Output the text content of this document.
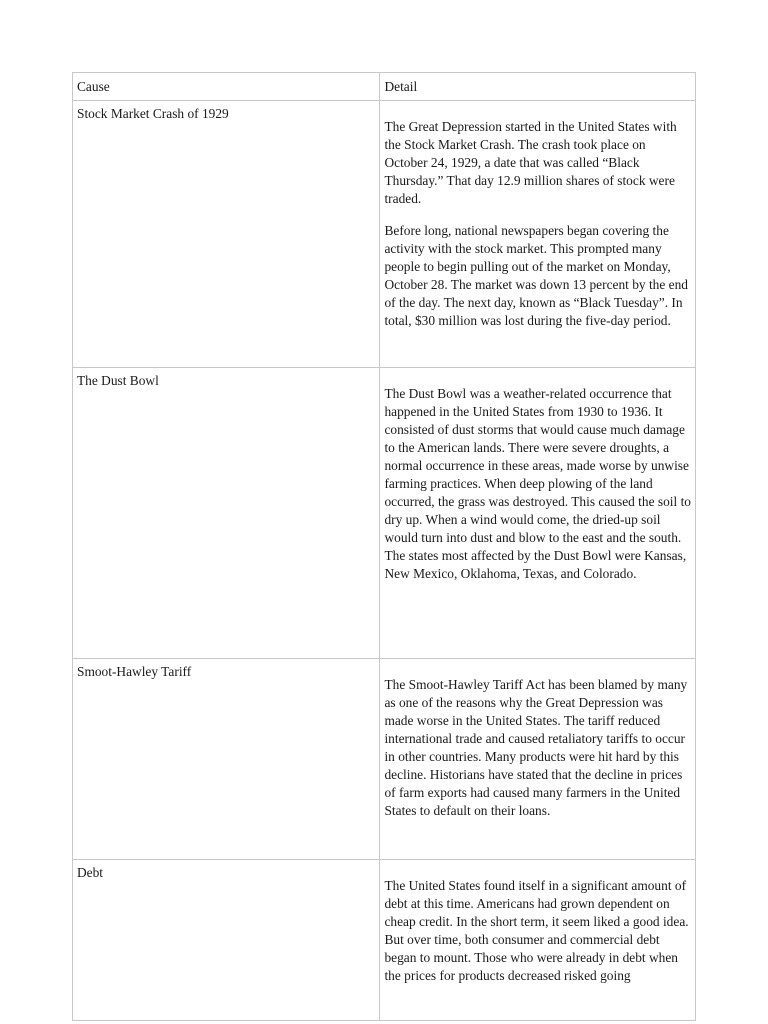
Cause	Detail
Stock Market Crash of 1929	The Great Depression started in the United States with the Stock Market Crash. The crash took place on October 24, 1929, a date that was called “Black Thursday.” That day 12.9 million shares of stock were traded.

Before long, national newspapers began covering the activity with the stock market. This prompted many people to begin pulling out of the market on Monday, October 28. The market was down 13 percent by the end of the day. The next day, known as “Black Tuesday”. In total, $30 million was lost during the five-day period.

The Dust Bowl	The Dust Bowl was a weather-related occurrence that happened in the United States from 1930 to 1936. It consisted of dust storms that would cause much damage to the American lands. There were severe droughts, a normal occurrence in these areas, made worse by unwise farming practices. When deep plowing of the land occurred, the grass was destroyed. This caused the soil to dry up. When a wind would come, the dried-up soil would turn into dust and blow to the east and the south. The states most affected by the Dust Bowl were Kansas, New Mexico, Oklahoma, Texas, and Colorado.

Smoot-Hawley Tariff	The Smoot-Hawley Tariff Act has been blamed by many as one of the reasons why the Great Depression was made worse in the United States. The tariff reduced international trade and caused retaliatory tariffs to occur in other countries. Many products were hit hard by this decline. Historians have stated that the decline in prices of farm exports had caused many farmers in the United States to default on their loans.

Debt	The United States found itself in a significant amount of debt at this time. Americans had grown dependent on cheap credit. In the short term, it seem liked a good idea. But over time, both consumer and commercial debt began to mount. Those who were already in debt when the prices for products decreased risked going
